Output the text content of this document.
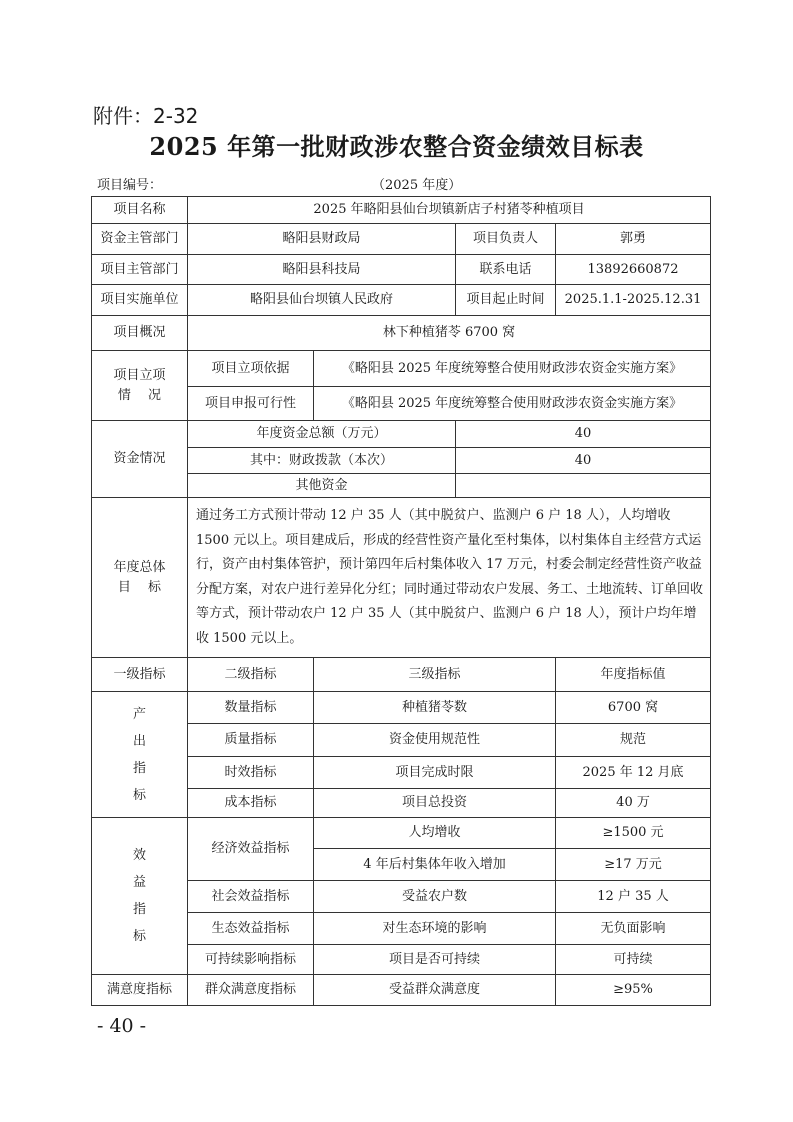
附件：2-32
2025 年第一批财政涉农整合资金绩效目标表
项目编号：	（2025 年度）
项目名称	2025 年略阳县仙台坝镇新店子村猪苓种植项目			
资金主管部门	略阳县财政局		项目负责人	郭勇
项目主管部门	略阳县科技局		联系电话	13892660872
项目实施单位	略阳县仙台坝镇人民政府		项目起止时间	2025.1.1-2025.12.31
项目概况	林下种植猪苓 6700 窝			

项目立项
情　 况	项目立项依据	《略阳县 2025 年度统筹整合使用财政涉农资金实施方案》		
	项目申报可行性	《略阳县 2025 年度统筹整合使用财政涉农资金实施方案》		
资金情况	年度资金总额（万元）		40	
	其中：财政拨款（本次）		40	
	其他资金			

年度总体
目　 标	通过务工方式预计带动 12 户 35 人（其中脱贫户、监测户 6 户 18 人），人均增收 1500 元以上。项目建成后，形成的经营性资产量化至村集体，以村集体自主经营方式运行，资产由村集体管护，预计第四年后村集体收入 17 万元，村委会制定经营性资产收益分配方案，对农户进行差异化分红；同时通过带动农户发展、务工、土地流转、订单回收等方式，预计带动农户 12 户 35 人（其中脱贫户、监测户 6 户 18 人），预计户均年增收 1500 元以上。			
一级指标	二级指标	三级指标		年度指标值

产
出
指
标	数量指标	种植猪苓数		6700 窝
	质量指标	资金使用规范性		规范
	时效指标	项目完成时限		2025 年 12 月底
	成本指标	项目总投资		40 万

效
益
指
标	经济效益指标	人均增收		≥1500 元
		4 年后村集体年收入增加		≥17 万元
	社会效益指标	受益农户数		12 户 35 人
	生态效益指标	对生态环境的影响		无负面影响
	可持续影响指标	项目是否可持续		可持续
满意度指标	群众满意度指标	受益群众满意度		≥95%
- 40 -
